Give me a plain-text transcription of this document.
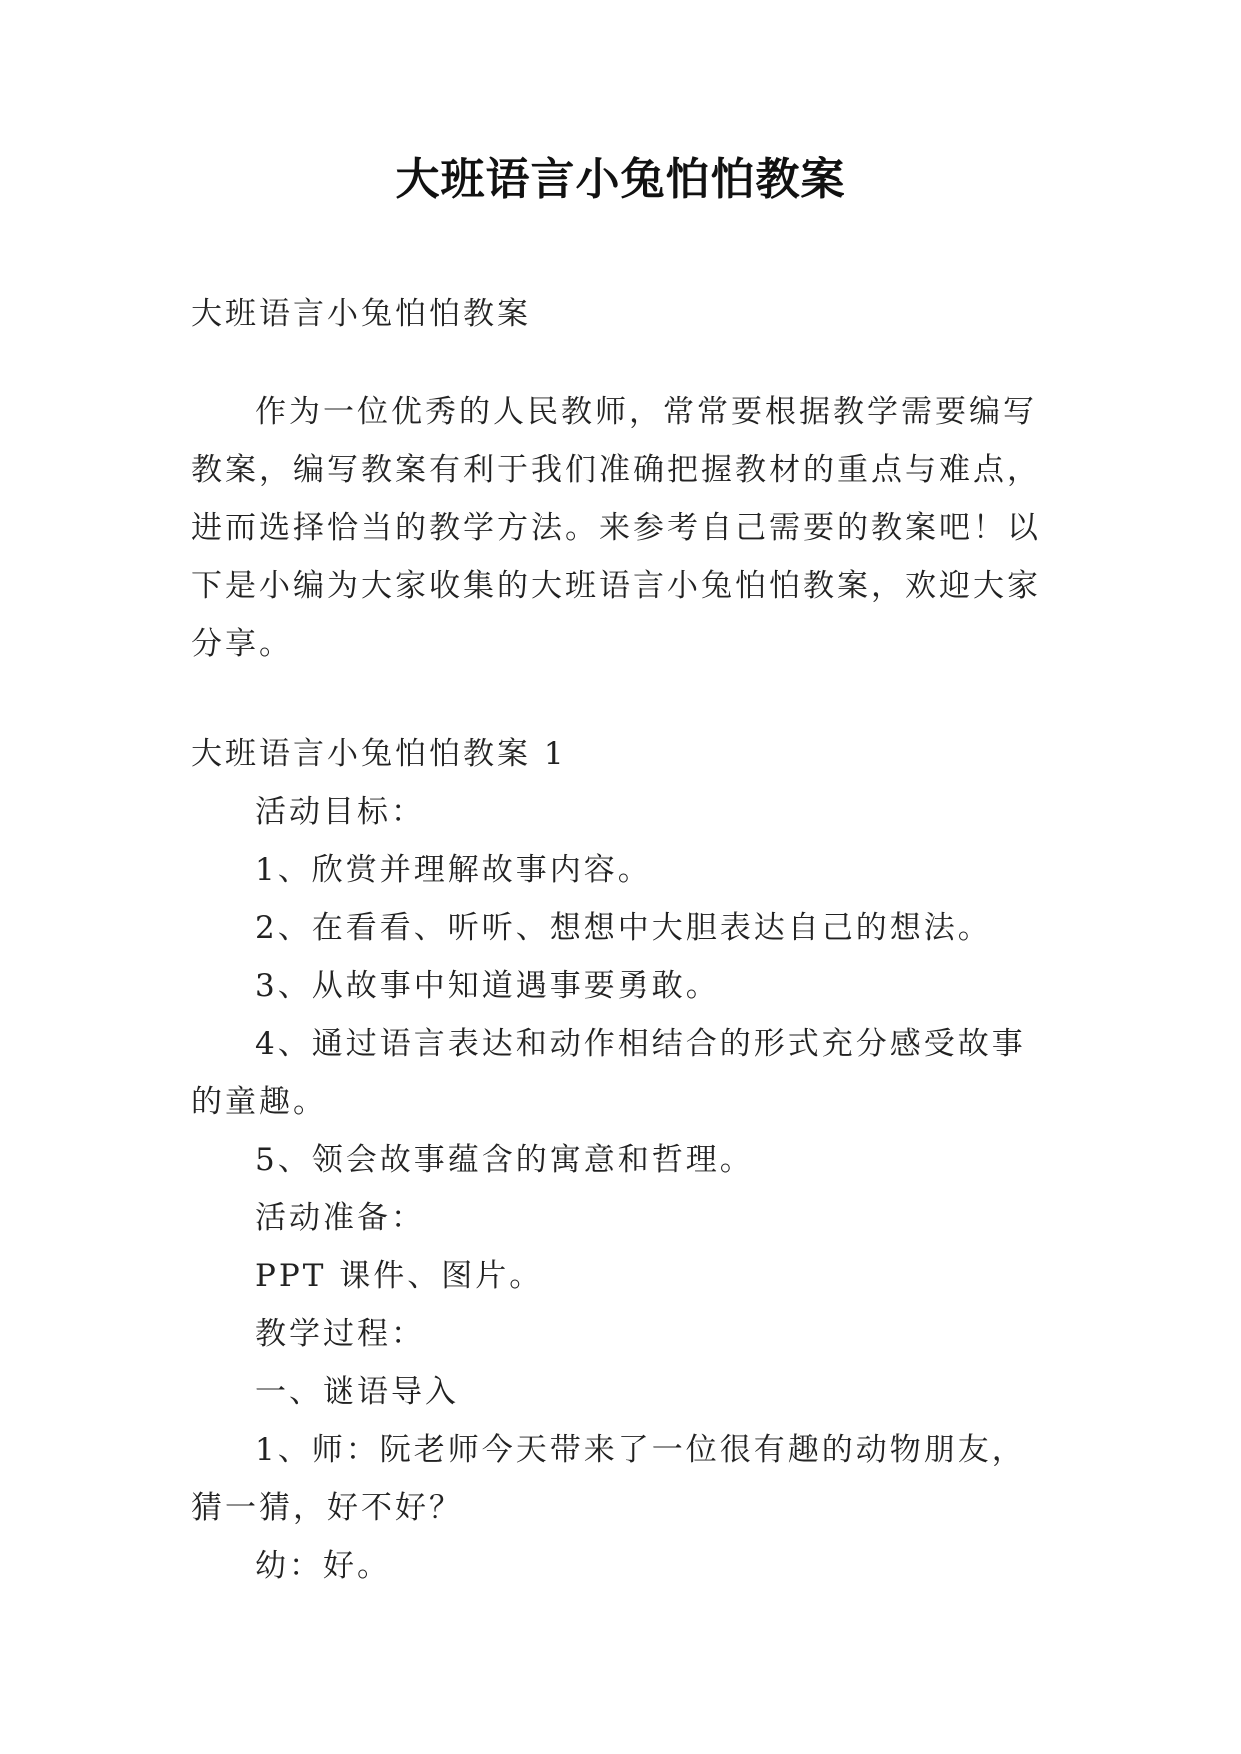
大班语言小兔怕怕教案

大班语言小兔怕怕教案

作为一位优秀的人民教师，常常要根据教学需要编写教案，编写教案有利于我们准确把握教材的重点与难点，进而选择恰当的教学方法。来参考自己需要的教案吧！以下是小编为大家收集的大班语言小兔怕怕教案，欢迎大家分享。

大班语言小兔怕怕教案 1

活动目标：

1、欣赏并理解故事内容。

2、在看看、听听、想想中大胆表达自己的想法。

3、从故事中知道遇事要勇敢。

4、通过语言表达和动作相结合的形式充分感受故事的童趣。

5、领会故事蕴含的寓意和哲理。

活动准备：

PPT 课件、图片。

教学过程：

一、谜语导入

1、师：阮老师今天带来了一位很有趣的动物朋友，猜一猜，好不好？

幼：好。
